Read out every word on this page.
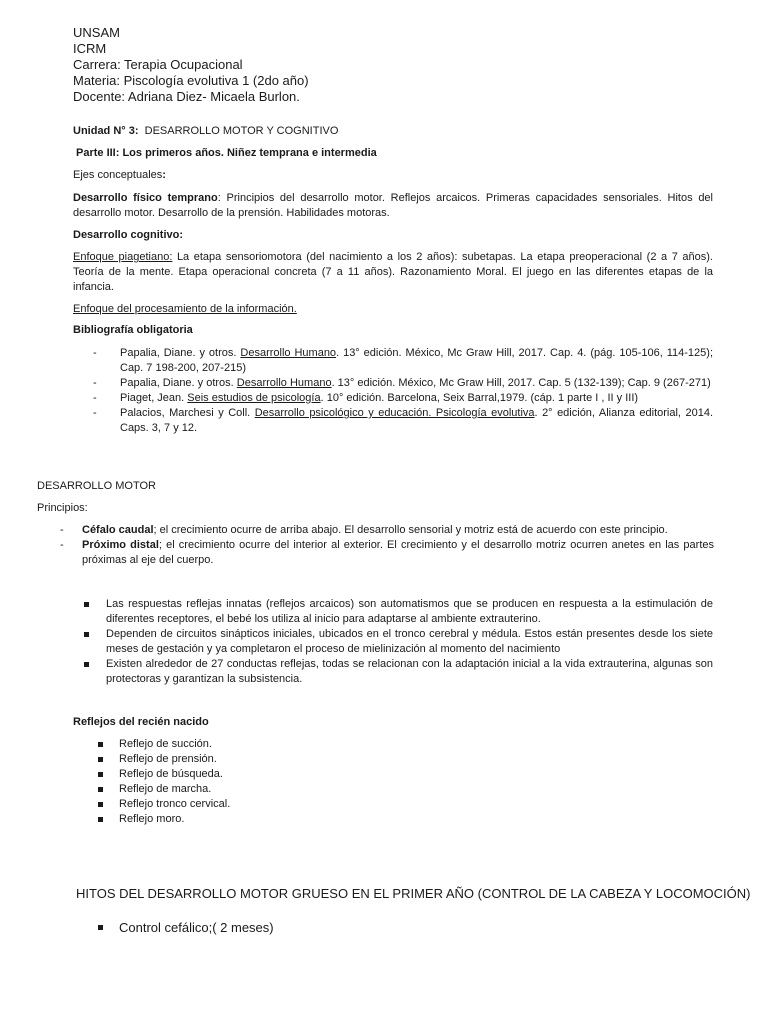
UNSAM
ICRM
Carrera: Terapia Ocupacional
Materia: Piscología evolutiva 1 (2do año)
Docente: Adriana Diez- Micaela Burlon.
Unidad N° 3: DESARROLLO MOTOR Y COGNITIVO
Parte III: Los primeros años. Niñez temprana e intermedia
Ejes conceptuales:
Desarrollo físico temprano: Principios del desarrollo motor. Reflejos arcaicos. Primeras capacidades sensoriales. Hitos del desarrollo motor. Desarrollo de la prensión. Habilidades motoras.
Desarrollo cognitivo:
Enfoque piagetiano: La etapa sensoriomotora (del nacimiento a los 2 años): subetapas. La etapa preoperacional (2 a 7 años). Teoría de la mente. Etapa operacional concreta (7 a 11 años). Razonamiento Moral. El juego en las diferentes etapas de la infancia.
Enfoque del procesamiento de la información.
Bibliografía obligatoria
- Papalia, Diane. y otros. Desarrollo Humano. 13° edición. México, Mc Graw Hill, 2017. Cap. 4. (pág. 105-106, 114-125); Cap. 7 198-200, 207-215)
- Papalia, Diane. y otros. Desarrollo Humano. 13° edición. México, Mc Graw Hill, 2017. Cap. 5 (132-139); Cap. 9 (267-271)
- Piaget, Jean. Seis estudios de psicología. 10° edición. Barcelona, Seix Barral,1979. (cáp. 1 parte I , II y III)
- Palacios, Marchesi y Coll. Desarrollo psicológico y educación. Psicología evolutiva. 2° edición, Alianza editorial, 2014. Caps. 3, 7 y 12.
DESARROLLO MOTOR
Principios:
- Céfalo caudal; el crecimiento ocurre de arriba abajo. El desarrollo sensorial y motriz está de acuerdo con este principio.
- Próximo distal; el crecimiento ocurre del interior al exterior. El crecimiento y el desarrollo motriz ocurren anetes en las partes próximas al eje del cuerpo.
Las respuestas reflejas innatas (reflejos arcaicos) son automatismos que se producen en respuesta a la estimulación de diferentes receptores, el bebé los utiliza al inicio para adaptarse al ambiente extrauterino.
Dependen de circuitos sinápticos iniciales, ubicados en el tronco cerebral y médula. Estos están presentes desde los siete meses de gestación y ya completaron el proceso de mielinización al momento del nacimiento
Existen alrededor de 27 conductas reflejas, todas se relacionan con la adaptación inicial a la vida extrauterina, algunas son protectoras y garantizan la subsistencia.
Reflejos del recién nacido
Reflejo de succión.
Reflejo de prensión.
Reflejo de búsqueda.
Reflejo de marcha.
Reflejo tronco cervical.
Reflejo moro.
HITOS DEL DESARROLLO MOTOR GRUESO EN EL PRIMER AÑO (CONTROL DE LA CABEZA Y LOCOMOCIÓN)
Control cefálico;( 2 meses)
